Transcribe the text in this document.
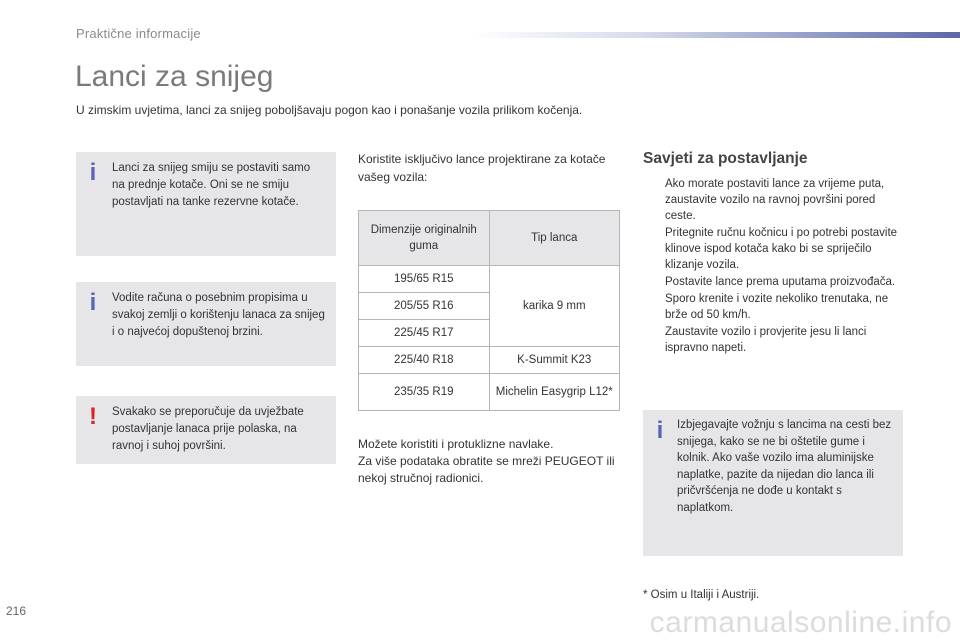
Praktične informacije
Lanci za snijeg
U zimskim uvjetima, lanci za snijeg poboljšavaju pogon kao i ponašanje vozila prilikom kočenja.
i Lanci za snijeg smiju se postaviti samo na prednje kotače. Oni se ne smiju postavljati na tanke rezervne kotače.
i Vodite računa o posebnim propisima u svakoj zemlji o korištenju lanaca za snijeg i o najvećoj dopuštenoj brzini.
! Svakako se preporučuje da uvježbate postavljanje lanaca prije polaska, na ravnoj i suhoj površini.
Koristite isključivo lance projektirane za kotače vašeg vozila:
Dimenzije originalnih guma	Tip lanca
195/65 R15	karika 9 mm
205/55 R16	
225/45 R17	
225/40 R18	K-Summit K23
235/35 R19	Michelin Easygrip L12*
Možete koristiti i protuklizne navlake.
Za više podataka obratite se mreži PEUGEOT ili nekoj stručnoj radionici.
Savjeti za postavljanje
Ako morate postaviti lance za vrijeme puta, zaustavite vozilo na ravnoj površini pored ceste.
Pritegnite ručnu kočnicu i po potrebi postavite klinove ispod kotača kako bi se spriječilo klizanje vozila.
Postavite lance prema uputama proizvođača.
Sporo krenite i vozite nekoliko trenutaka, ne brže od 50 km/h.
Zaustavite vozilo i provjerite jesu li lanci ispravno napeti.
i Izbjegavajte vožnju s lancima na cesti bez snijega, kako se ne bi oštetile gume i kolnik. Ako vaše vozilo ima aluminijske naplatke, pazite da nijedan dio lanca ili pričvršćenja ne dođe u kontakt s naplatkom.
* Osim u Italiji i Austriji.
216	carmanualsonline.info
